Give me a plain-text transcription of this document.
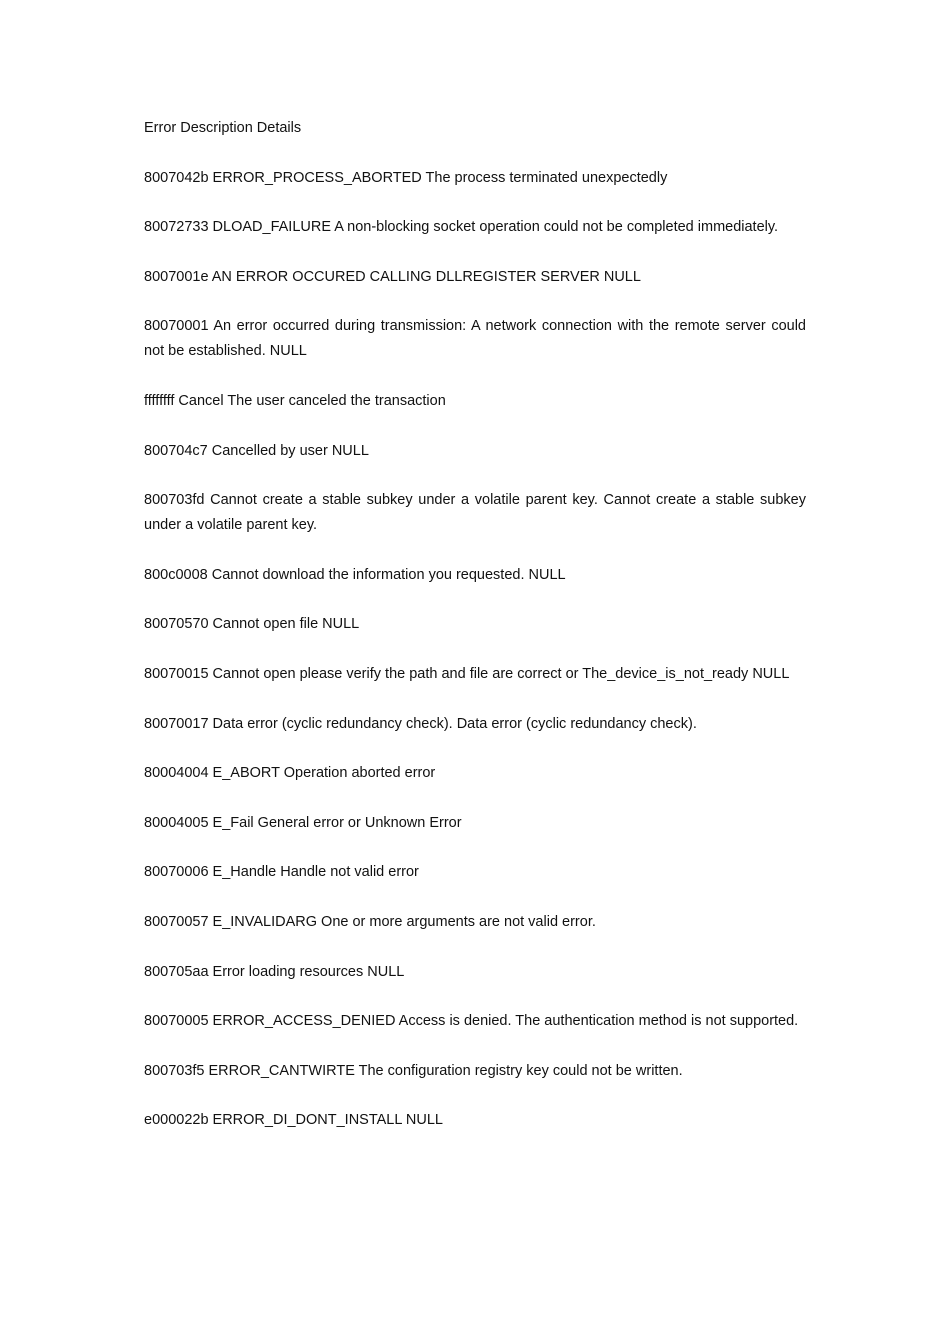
Error Description Details

8007042b ERROR_PROCESS_ABORTED The process terminated unexpectedly

80072733 DLOAD_FAILURE A non-blocking socket operation could not be completed immediately.

8007001e AN ERROR OCCURED CALLING DLLREGISTER SERVER NULL

80070001 An error occurred during transmission: A network connection with the remote server could not be established. NULL

ffffffff Cancel The user canceled the transaction

800704c7 Cancelled by user NULL

800703fd Cannot create a stable subkey under a volatile parent key. Cannot create a stable subkey under a volatile parent key.

800c0008 Cannot download the information you requested. NULL

80070570 Cannot open file NULL

80070015 Cannot open please verify the path and file are correct or The_device_is_not_ready NULL

80070017 Data error (cyclic redundancy check). Data error (cyclic redundancy check).

80004004 E_ABORT Operation aborted error

80004005 E_Fail General error or Unknown Error

80070006 E_Handle Handle not valid error

80070057 E_INVALIDARG One or more arguments are not valid error.

800705aa Error loading resources NULL

80070005 ERROR_ACCESS_DENIED Access is denied. The authentication method is not supported.

800703f5 ERROR_CANTWIRTE The configuration registry key could not be written.

e000022b ERROR_DI_DONT_INSTALL NULL
